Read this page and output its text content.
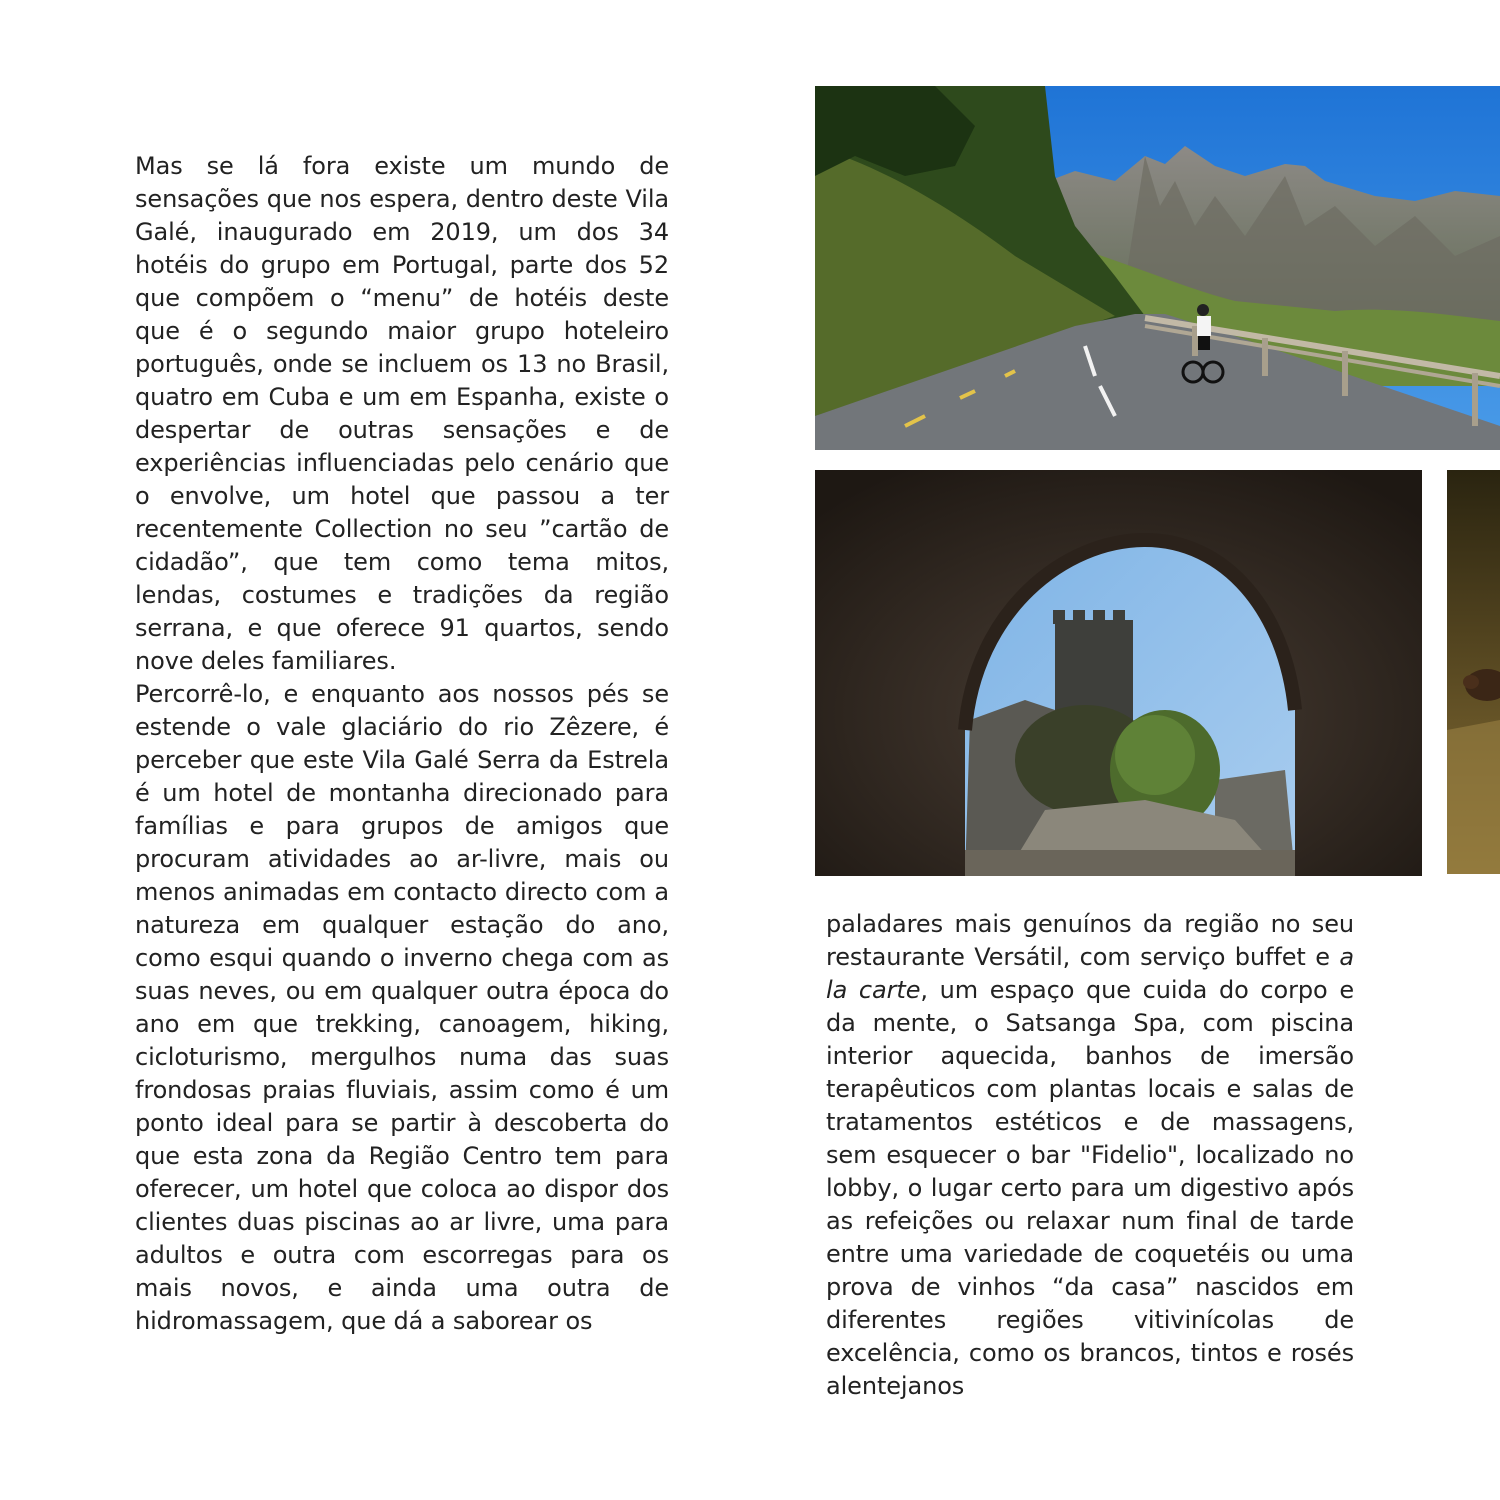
Mas se lá fora existe um mundo de sensações que nos espera, dentro deste Vila Galé, inaugurado em 2019, um dos 34 hotéis do grupo em Portugal, parte dos 52 que compõem o “menu” de hotéis deste que é o segundo maior grupo hoteleiro português, onde se incluem os 13 no Brasil, quatro em Cuba e um em Espanha, existe o despertar de outras sensações e de experiências influenciadas pelo cenário que o envolve, um hotel que passou a ter recentemente Collection no seu ”cartão de cidadão”, que tem como tema mitos, lendas, costumes e tradições da região serrana, e que oferece 91 quartos, sendo nove deles familiares.

Percorrê-lo, e enquanto aos nossos pés se estende o vale glaciário do rio Zêzere, é perceber que este Vila Galé Serra da Estrela é um hotel de montanha direcionado para famílias e para grupos de amigos que procuram atividades ao ar-livre, mais ou menos animadas em contacto directo com a natureza em qualquer estação do ano, como esqui quando o inverno chega com as suas neves, ou em qualquer outra época do ano em que trekking, canoagem, hiking, cicloturismo, mergulhos numa das suas frondosas praias fluviais, assim como é um ponto ideal para se partir à descoberta do que esta zona da Região Centro tem para oferecer, um hotel que coloca ao dispor dos clientes duas piscinas ao ar livre, uma para adultos e outra com escorregas para os mais novos, e ainda uma outra de hidromassagem, que dá a saborear os

paladares mais genuínos da região no seu restaurante Versátil, com serviço buffet e a la carte, um espaço que cuida do corpo e da mente, o Satsanga Spa, com piscina interior aquecida, banhos de imersão terapêuticos com plantas locais e salas de tratamentos estéticos e de massagens, sem esquecer o bar "Fidelio", localizado no lobby, o lugar certo para um digestivo após as refeições ou relaxar num final de tarde entre uma variedade de coquetéis ou uma prova de vinhos “da casa” nascidos em diferentes regiões vitivinícolas de excelência, como os brancos, tintos e rosés alentejanos
